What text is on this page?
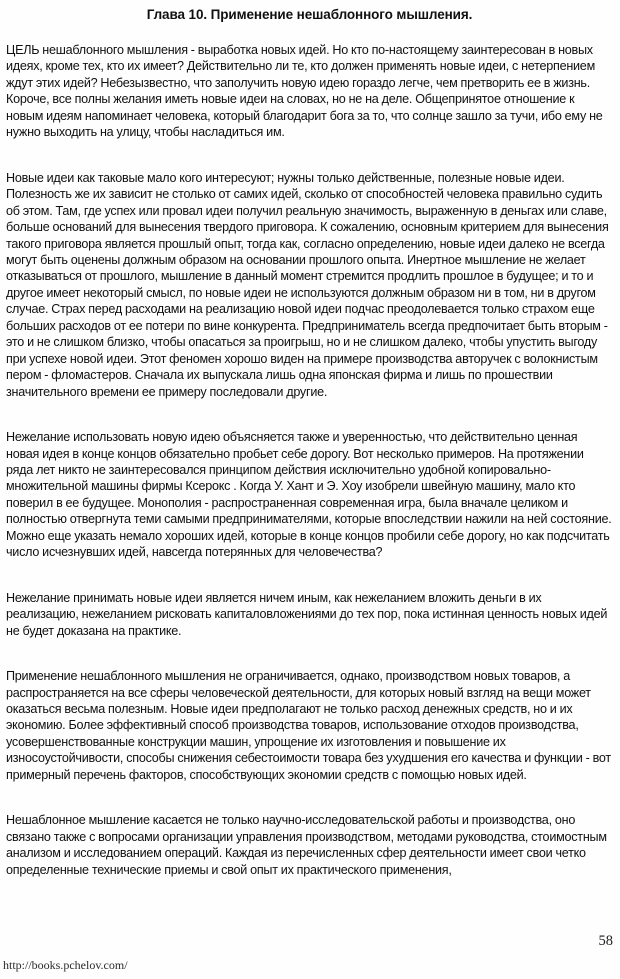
Глава 10. Применение нешаблонного мышления.

ЦЕЛЬ нешаблонного мышления - выработка новых идей. Но кто по-настоящему заинтересован в новых идеях, кроме тех, кто их имеет? Действительно ли те, кто должен применять новые идеи, с нетерпением ждут этих идей? Небезызвестно, что заполучить новую идею гораздо легче, чем претворить ее в жизнь. Короче, все полны желания иметь новые идеи на словах, но не на деле. Общепринятое отношение к новым идеям напоминает человека, который благодарит бога за то, что солнце зашло за тучи, ибо ему не нужно выходить на улицу, чтобы насладиться им.

Новые идеи как таковые мало кого интересуют; нужны только действенные, полезные новые идеи. Полезность же их зависит не столько от самих идей, сколько от способностей человека правильно судить об этом. Там, где успех или провал идеи получил реальную значимость, выраженную в деньгах или славе, больше оснований для вынесения твердого приговора. К сожалению, основным критерием для вынесения такого приговора является прошлый опыт, тогда как, согласно определению, новые идеи далеко не всегда могут быть оценены должным образом на основании прошлого опыта. Инертное мышление не желает отказываться от прошлого, мышление в данный момент стремится продлить прошлое в будущее; и то и другое имеет некоторый смысл, по новые идеи не используются должным образом ни в том, ни в другом случае. Страх перед расходами на реализацию новой идеи подчас преодолевается только страхом еще больших расходов от ее потери по вине конкурента. Предприниматель всегда предпочитает быть вторым - это и не слишком близко, чтобы опасаться за проигрыш, но и не слишком далеко, чтобы упустить выгоду при успехе новой идеи. Этот феномен хорошо виден на примере производства авторучек с волокнистым пером - фломастеров. Сначала их выпускала лишь одна японская фирма и лишь по прошествии значительного времени ее примеру последовали другие.

Нежелание использовать новую идею объясняется также и уверенностью, что действительно ценная новая идея в конце концов обязательно пробьет себе дорогу. Вот несколько примеров. На протяжении ряда лет никто не заинтересовался принципом действия исключительно удобной копировально-множительной машины фирмы Ксерокс . Когда У. Хант и Э. Хоу изобрели швейную машину, мало кто поверил в ее будущее. Монополия - распространенная современная игра, была вначале целиком и полностью отвергнута теми самыми предпринимателями, которые впоследствии нажили на ней состояние. Можно еще указать немало хороших идей, которые в конце концов пробили себе дорогу, но как подсчитать число исчезнувших идей, навсегда потерянных для человечества?

Нежелание принимать новые идеи является ничем иным, как нежеланием вложить деньги в их реализацию, нежеланием рисковать капиталовложениями до тех пор, пока истинная ценность новых идей не будет доказана на практике.

Применение нешаблонного мышления не ограничивается, однако, производством новых товаров, а распространяется на все сферы человеческой деятельности, для которых новый взгляд на вещи может оказаться весьма полезным. Новые идеи предполагают не только расход денежных средств, но и их экономию. Более эффективный способ производства товаров, использование отходов производства, усовершенствованные конструкции машин, упрощение их изготовления и повышение их износоустойчивости, способы снижения себестоимости товара без ухудшения его качества и функции - вот примерный перечень факторов, способствующих экономии средств с помощью новых идей.

Нешаблонное мышление касается не только научно-исследовательской работы и производства, оно связано также с вопросами организации управления производством, методами руководства, стоимостным анализом и исследованием операций. Каждая из перечисленных сфер деятельности имеет свои четко определенные технические приемы и свой опыт их практического применения,

58
http://books.pchelov.com/
